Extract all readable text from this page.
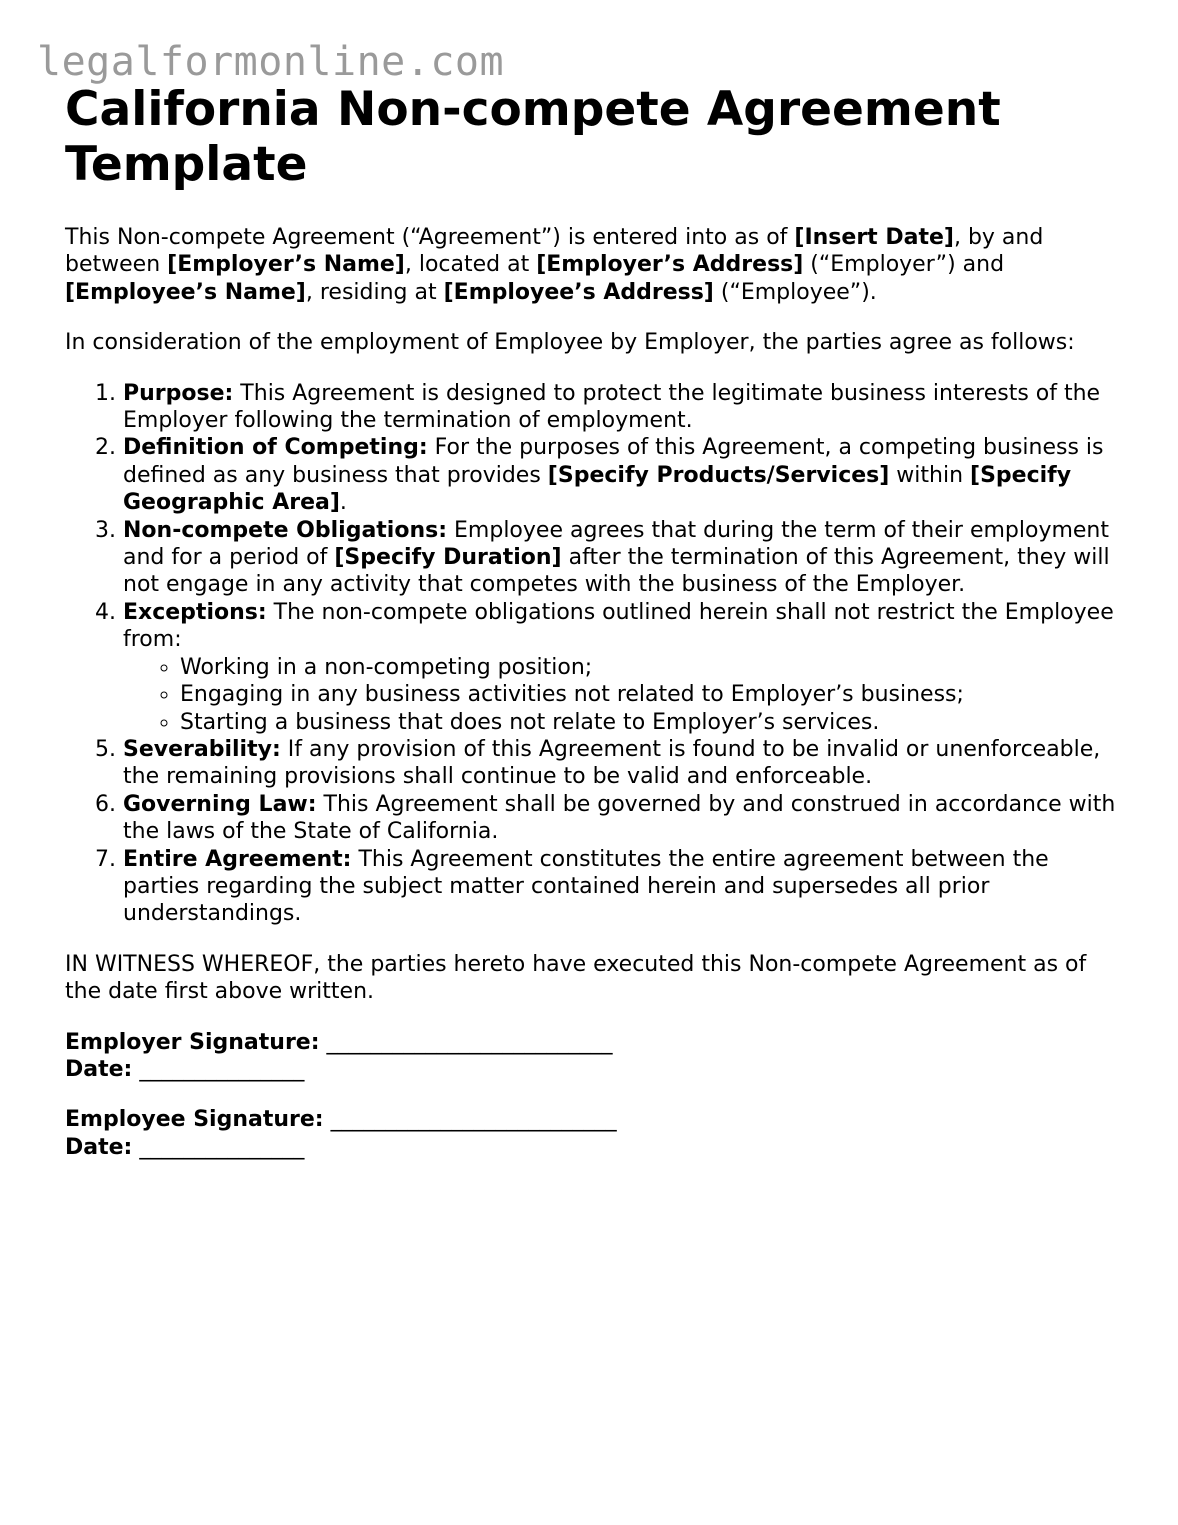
legalformonline.com
California Non-compete Agreement Template

This Non-compete Agreement (“Agreement”) is entered into as of [Insert Date], by and between [Employer’s Name], located at [Employer’s Address] (“Employer”) and [Employee’s Name], residing at [Employee’s Address] (“Employee”).

In consideration of the employment of Employee by Employer, the parties agree as follows:

1. Purpose: This Agreement is designed to protect the legitimate business interests of the Employer following the termination of employment.
2. Definition of Competing: For the purposes of this Agreement, a competing business is defined as any business that provides [Specify Products/Services] within [Specify Geographic Area].
3. Non-compete Obligations: Employee agrees that during the term of their employment and for a period of [Specify Duration] after the termination of this Agreement, they will not engage in any activity that competes with the business of the Employer.
4. Exceptions: The non-compete obligations outlined herein shall not restrict the Employee from:
◦ Working in a non-competing position;
◦ Engaging in any business activities not related to Employer’s business;
◦ Starting a business that does not relate to Employer’s services.
5. Severability: If any provision of this Agreement is found to be invalid or unenforceable, the remaining provisions shall continue to be valid and enforceable.
6. Governing Law: This Agreement shall be governed by and construed in accordance with the laws of the State of California.
7. Entire Agreement: This Agreement constitutes the entire agreement between the parties regarding the subject matter contained herein and supersedes all prior understandings.

IN WITNESS WHEREOF, the parties hereto have executed this Non-compete Agreement as of the date first above written.

Employer Signature: __________________________
Date: _______________
Employee Signature: __________________________
Date: _______________
